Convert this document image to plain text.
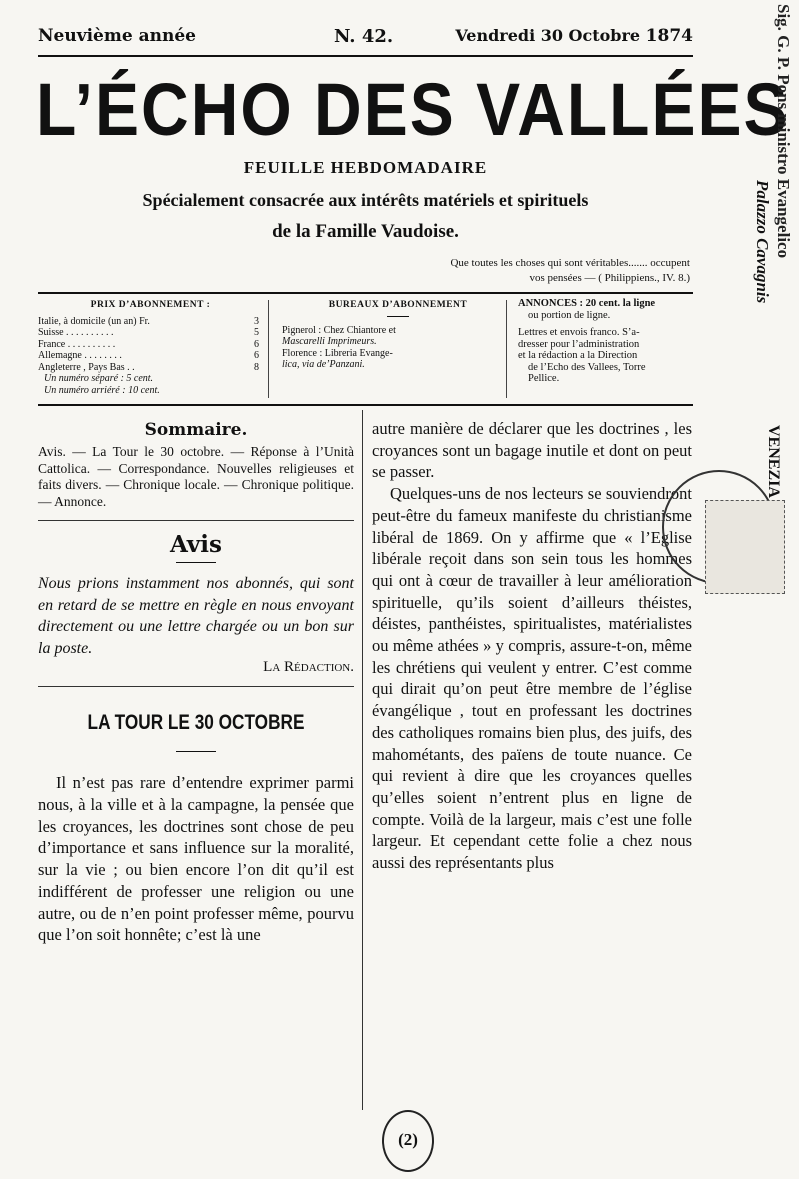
Neuvième année	N. 42.	Vendredi 30 Octobre 1874
L’ÉCHO DES VALLÉES
FEUILLE HEBDOMADAIRE
Spécialement consacrée aux intérêts matériels et spirituels
de la Famille Vaudoise.
Que toutes les choses qui sont véritables....... occupent
vos pensées — ( Philippiens., IV. 8.)
PRIX D’ABONNEMENT :
Italie, à domicile (un an) Fr.	3
Suisse . . . . . . . . . .	5
France . . . . . . . . . .	6
Allemagne . . . . . . . .	6
Angleterre , Pays Bas . .	8
Un numéro séparé : 5 cent.
Un numéro arriéré : 10 cent.
BUREAUX D’ABONNEMENT
Pignerol : Chez Chiantore et
Mascarelli Imprimeurs.
Florence : Libreria Evange-
lica, via de’Panzani.
ANNONCES : 20 cent. la ligne
ou portion de ligne.
Lettres et envois franco. S’a-
dresser pour l’administration
et la rédaction a la Direction
de l’Echo des Vallees, Torre
Pellice.
Sommaire.
Avis. — La Tour le 30 octobre. — Réponse à l’Unità Cattolica. — Correspondance. Nouvelles religieuses et faits divers. — Chronique locale. — Chronique politique. — Annonce.
Avis
Nous prions instamment nos abonnés, qui sont en retard de se mettre en règle en nous envoyant directement ou une lettre chargée ou un bon sur la poste.
La Rédaction.
LA TOUR LE 30 OCTOBRE
Il n’est pas rare d’entendre exprimer parmi nous, à la ville et à la campagne, la pensée que les croyances, les doctrines sont chose de peu d’importance et sans influence sur la moralité, sur la vie ; ou bien encore l’on dit qu’il est indifférent de professer une religion ou une autre, ou de n’en point professer même, pourvu que l’on soit honnête; c’est là une

autre manière de déclarer que les doctrines , les croyances sont un bagage inutile et dont on peut se passer.

Quelques-uns de nos lecteurs se souviendront peut-être du fameux manifeste du christianisme libéral de 1869. On y affirme que « l’Eglise libérale reçoit dans son sein tous les hommes qui ont à cœur de travailler à leur amélioration spirituelle, qu’ils soient d’ailleurs théistes, déistes, panthéistes, spiritualistes, matérialistes ou même athées » y compris, assure-t-on, même les chrétiens qui veulent y entrer. C’est comme qui dirait qu’on peut être membre de l’église évangélique , tout en professant les doctrines des catholiques romains bien plus, des juifs, des mahométants, des païens de toute nuance. Ce qui revient à dire que les croyances quelles qu’elles soient n’entrent plus en ligne de compte. Voilà de la largeur, mais c’est une folle largeur. Et cependant cette folie a chez nous aussi des représentants plus

(2)
Sig. G. P. Pons ministro Evangelico
Palazzo Cavagnis
VENEZIA
